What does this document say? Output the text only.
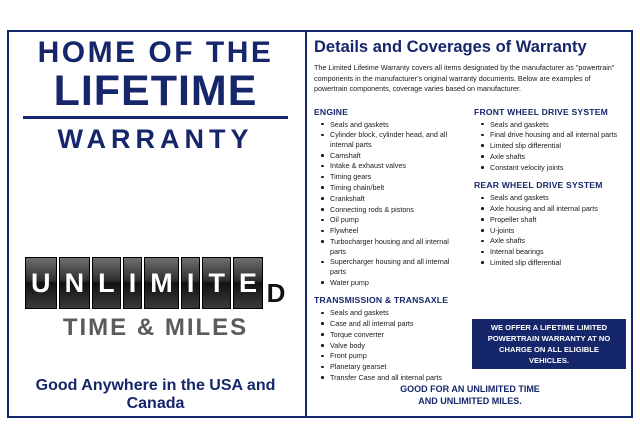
HOME OF THE
LIFETIME
WARRANTY
U N L I M I T E D
TIME & MILES
Good Anywhere in the USA and Canada
Details and Coverages of Warranty
The Limited Lifetime Warranty covers all items designated by the manufacturer as "powertrain" components in the manufacturer's original warranty documents. Below are examples of powertrain components, coverage varies based on manufacturer.
ENGINE
Seals and gaskets
Cylinder block, cylinder head, and all internal parts
Camshaft
Intake & exhaust valves
Timing gears
Timing chain/belt
Crankshaft
Connecting rods & pistons
Oil pump
Flywheel
Turbocharger housing and all internal parts
Supercharger housing and all internal parts
Water pump
TRANSMISSION & TRANSAXLE
Seals and gaskets
Case and all internal parts
Torque converter
Valve body
Front pump
Planetary gearset
Transfer Case and all internal parts
FRONT WHEEL DRIVE SYSTEM
Seals and gaskets
Final drive housing and all internal parts
Limited slip differential
Axle shafts
Constant velocity joints
REAR WHEEL DRIVE SYSTEM
Seals and gaskets
Axle housing and all internal parts
Propeller shaft
U-joints
Axle shafts
Internal bearings
Limited slip differential
WE OFFER A LIFETIME LIMITED POWERTRAIN WARRANTY AT NO CHARGE ON ALL ELIGIBLE VEHICLES.
GOOD FOR AN UNLIMITED TIME
AND UNLIMITED MILES.
